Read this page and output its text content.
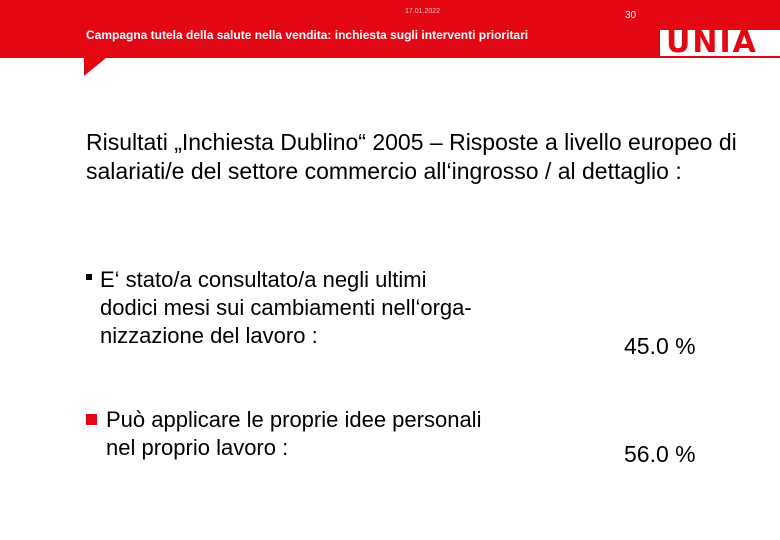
17.01.2022	30
Campagna tutela della salute nella vendita: inchiesta sugli interventi prioritari	UNIA
Risultati „Inchiesta Dublino“ 2005 – Risposte a livello europeo di salariati/e del settore commercio all‘ingrosso / al dettaglio :
E‘ stato/a consultato/a negli ultimi
dodici mesi sui cambiamenti nell‘orga-
nizzazione del lavoro :	45.0 %
Può applicare le proprie idee personali
nel proprio lavoro :	56.0 %
